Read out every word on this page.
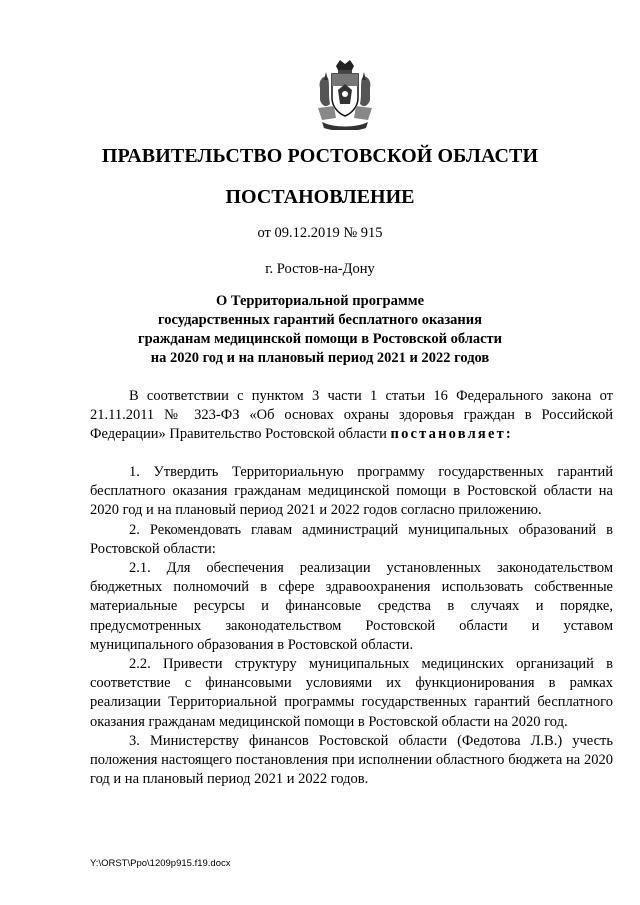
ПРАВИТЕЛЬСТВО РОСТОВСКОЙ ОБЛАСТИ
ПОСТАНОВЛЕНИЕ
от 09.12.2019 № 915
г. Ростов-на-Дону
О Территориальной программе
государственных гарантий бесплатного оказания
гражданам медицинской помощи в Ростовской области
на 2020 год и на плановый период 2021 и 2022 годов

В соответствии с пунктом 3 части 1 статьи 16 Федерального закона от 21.11.2011 № 323-ФЗ «Об основах охраны здоровья граждан в Российской Федерации» Правительство Ростовской области постановляет:

1. Утвердить Территориальную программу государственных гарантий бесплатного оказания гражданам медицинской помощи в Ростовской области на 2020 год и на плановый период 2021 и 2022 годов согласно приложению.

2. Рекомендовать главам администраций муниципальных образований в Ростовской области:

2.1. Для обеспечения реализации установленных законодательством бюджетных полномочий в сфере здравоохранения использовать собственные материальные ресурсы и финансовые средства в случаях и порядке, предусмотренных законодательством Ростовской области и уставом муниципального образования в Ростовской области.

2.2. Привести структуру муниципальных медицинских организаций в соответствие с финансовыми условиями их функционирования в рамках реализации Территориальной программы государственных гарантий бесплатного оказания гражданам медицинской помощи в Ростовской области на 2020 год.

3. Министерству финансов Ростовской области (Федотова Л.В.) учесть положения настоящего постановления при исполнении областного бюджета на 2020 год и на плановый период 2021 и 2022 годов.

Y:\ORST\Ppo\1209p915.f19.docx
